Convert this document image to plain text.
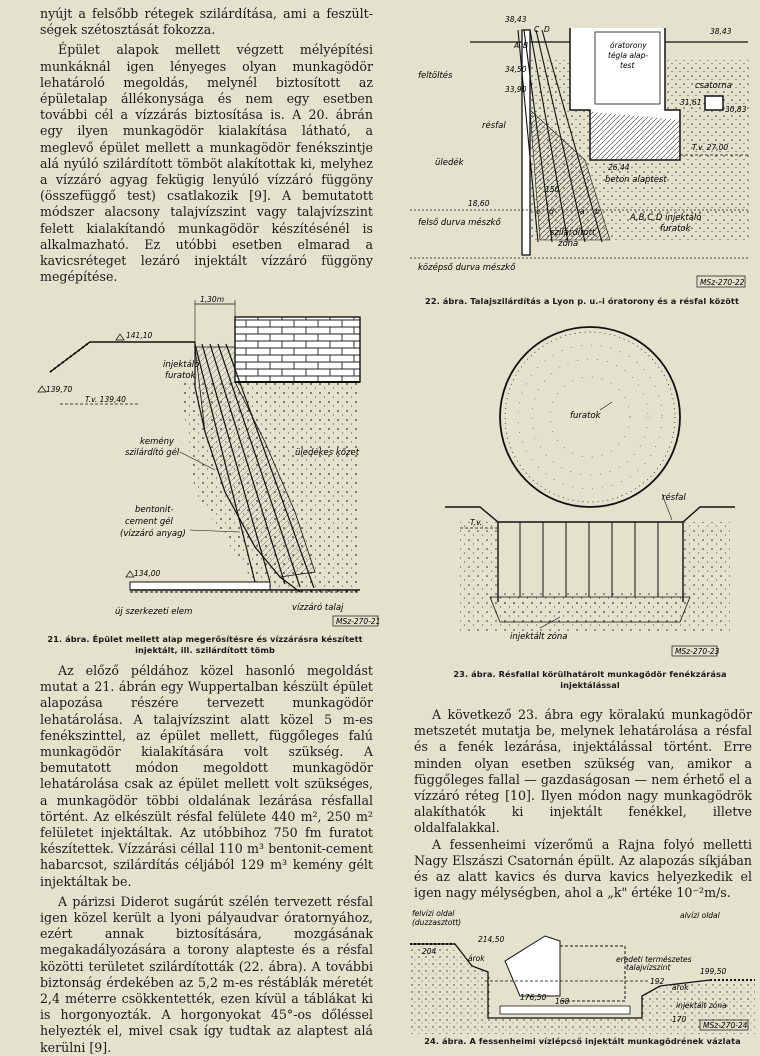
nyújt a felsőbb rétegek szilárdítása, ami a feszült-ségek szétosztását fokozza.

Épület alapok mellett végzett mélyépítési munkáknál igen lényeges olyan munkagödör lehatároló megoldás, melynél biztosított az épületalap állékonysága és nem egy esetben további cél a vízzárás biztosítása is. A 20. ábrán egy ilyen munkagödör kialakítása látható, a meglevő épület mellett a munkagödör fenékszintje alá nyúló szilárdított tömböt alakítottak ki, melyhez a vízzáró agyag fekügig lenyúló vízzáró függöny (összefüggő test) csatlakozik [9]. A bemutatott módszer alacsony talajvízszint vagy talajvízszint felett kialakítandó munkagödör készítésénél is alkalmazható. Ez utóbbi esetben elmarad a kavicsréteget lezáró injektált vízzáró függöny megépítése.

1,30m
141,10
139,70
T.v. 139,40
134,00
injektáló
furatok
kemény
szilárdító gél	üledékes kőzet
bentonit-
cement gél
(vízzáró anyag)
új szerkezeti elem	vízzáró talaj
MSz-270-21
21. ábra. Épület mellett alap megerősítésre és vízzárásra készített injektált, ill. szilárdított tömb

Az előző példához közel hasonló megoldást mutat a 21. ábrán egy Wuppertalban készült épület alapozása részére tervezett munkagödör lehatárolása. A talajvízszint alatt közel 5 m-es fenékszinttel, az épület mellett, függőleges falú munkagödör kialakítására volt szükség. A bemutatott módon megoldott munkagödör lehatárolása csak az épület mellett volt szükséges, a munkagödör többi oldalának lezárása résfallal történt. Az elkészült résfal felülete 440 m², 250 m² felületet injektáltak. Az utóbbihoz 750 fm furatot készítettek. Vízzárási céllal 110 m³ bentonit-cement habarcsot, szilárdítás céljából 129 m³ kemény gélt injektáltak be.

A párizsi Diderot sugárút szélén tervezett résfal igen közel került a lyoni pályaudvar óratornyához, ezért annak biztosítására, mozgásának megakadályozására a torony alapteste és a résfal közötti területet szilárdították (22. ábra). A további biztonság érdekében az 5,2 m-es réstáblák méretét 2,4 méterre csökkentették, ezen kívül a táblákat ki is horgonyozták. A horgonyokat 45°-os dőléssel helyezték el, mivel csak így tudtak az alaptest alá kerülni [9].

38,43
38,43
34,50
33,90
31,61
30,83
T.v. 27,00
26,44
18,60
feltöltés
óratorony
tégla alap-
test
csatorna
résfal
üledék
beton alaptest
felső durva mészkő
szilárdított
zóna
A,B,C,D injektáló
furatok
középső durva mészkő
A B
C D
c d	a b
150
MSz-270-22
22. ábra. Talajszilárdítás a Lyon p. u.-i óratorony és a résfal között
furatok
T.v.
résfal
injektált zóna
MSz-270-23
23. ábra. Résfallal körülhatárolt munkagödör fenékzárása injektálással

A következő 23. ábra egy köralakú munkagödör metszetét mutatja be, melynek lehatárolása a résfal és a fenék lezárása, injektálással történt. Erre minden olyan esetben szükség van, amikor a függőleges fallal — gazdaságosan — nem érhető el a vízzáró réteg [10]. Ilyen módon nagy munkagödrök alakíthatók ki injektált fenékkel, illetve oldalfalakkal.

A fessenheimi vízerőmű a Rajna folyó melletti Nagy Elszászi Csatornán épült. Az alapozás síkjában és az alatt kavics és durva kavics helyezkedik el igen nagy mélységben, ahol a „k" értéke 10⁻²m/s.

felvízi oldal
(duzzasztott)
alvízi oldal
214,50
204
árok	eredeti természetes
talajvízszint	199,50
192
árok
176,50
injektált zóna
168
170
MSz-270-24
24. ábra. A fessenheimi vízlépcső injektált munkagödrének vázlata
